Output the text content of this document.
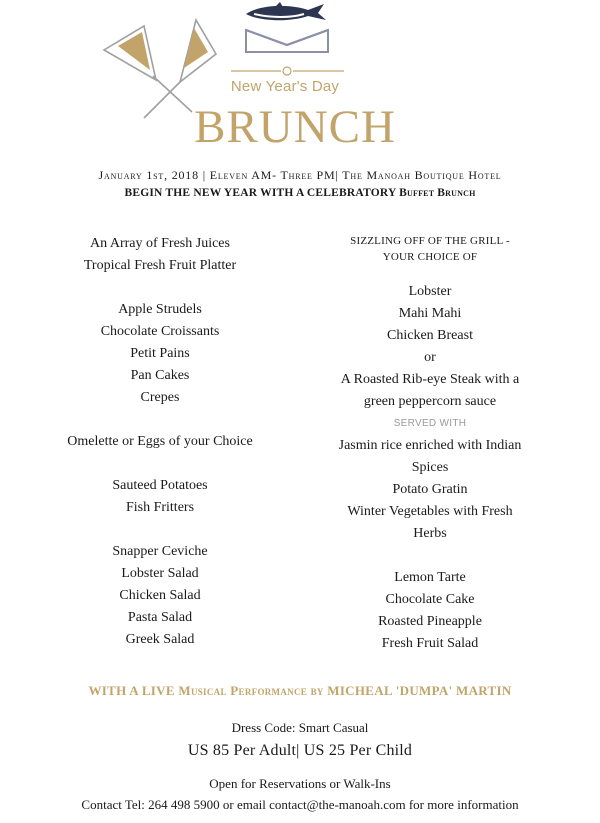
New Year's Day
BRUNCH
January 1st, 2018 | Eleven AM- Three PM| The Manoah Boutique Hotel
BEGIN THE NEW YEAR WITH A CELEBRATORY Buffet Brunch
An Array of Fresh Juices
Tropical Fresh Fruit Platter
Apple Strudels
Chocolate Croissants
Petit Pains
Pan Cakes
Crepes
Omelette or Eggs of your Choice
Sauteed Potatoes
Fish Fritters
Snapper Ceviche
Lobster Salad
Chicken Salad
Pasta Salad
Greek Salad
SIZZLING OFF OF THE GRILL -
YOUR CHOICE OF
Lobster
Mahi Mahi
Chicken Breast
or
A Roasted Rib-eye Steak with a
green peppercorn sauce
SERVED WITH
Jasmin rice enriched with Indian
Spices
Potato Gratin
Winter Vegetables with Fresh
Herbs
Lemon Tarte
Chocolate Cake
Roasted Pineapple
Fresh Fruit Salad
WITH A LIVE Musical Performance by MICHEAL 'DUMPA' MARTIN
Dress Code: Smart Casual
US 85 Per Adult| US 25 Per Child
Open for Reservations or Walk-Ins
Contact Tel: 264 498 5900 or email contact@the-manoah.com for more information
